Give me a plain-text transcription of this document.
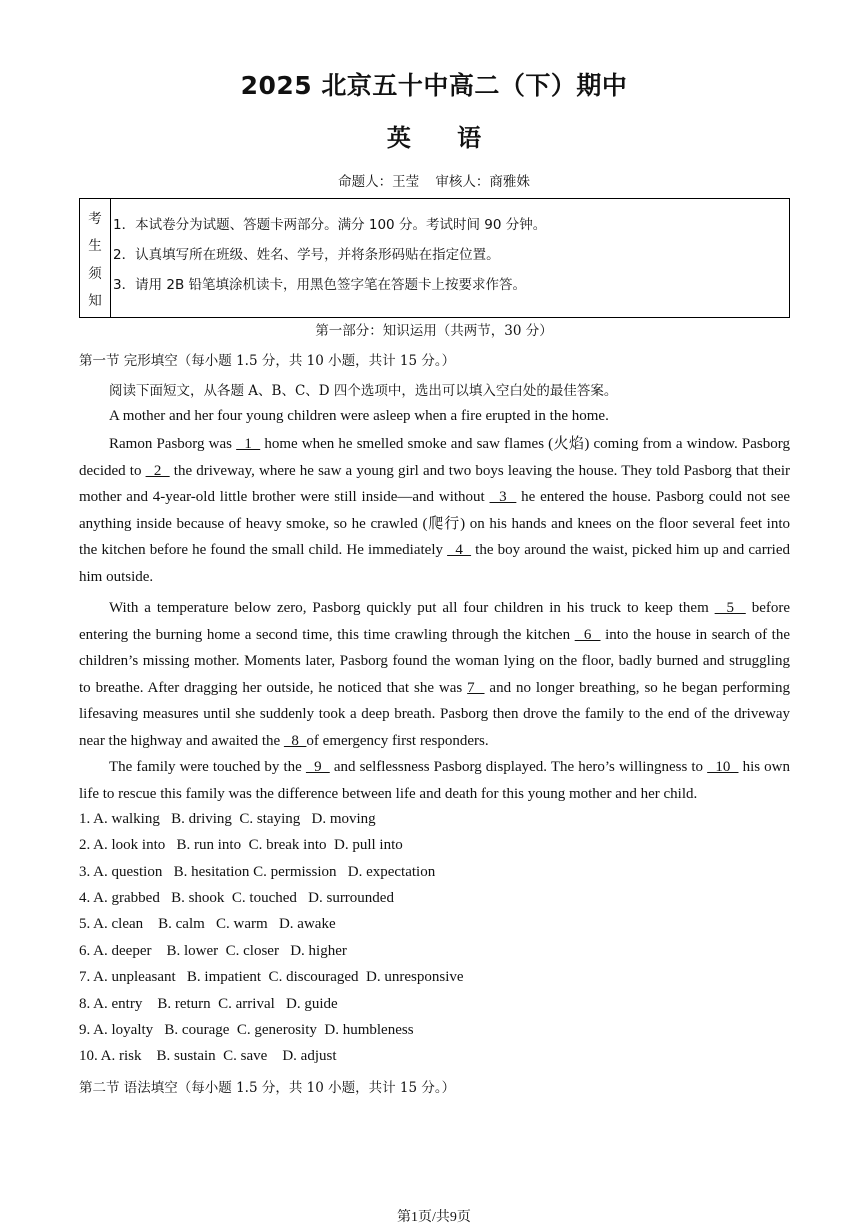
2025 北京五十中高二（下）期中
英 语
命题人：王莹 审核人：商雅姝
考
生
须
知
1．本试卷分为试题、答题卡两部分。满分 100 分。考试时间 90 分钟。
2．认真填写所在班级、姓名、学号，并将条形码贴在指定位置。
3．请用 2B 铅笔填涂机读卡，用黑色签字笔在答题卡上按要求作答。
第一部分：知识运用（共两节，30 分）
第一节 完形填空（每小题 1.5 分，共 10 小题，共计 15 分。）
阅读下面短文，从各题 A、B、C、D 四个选项中，选出可以填入空白处的最佳答案。
A mother and her four young children were asleep when a fire erupted in the home.
Ramon Pasborg was   1   home when he smelled smoke and saw flames (火焰) coming from a window. Pasborg decided to   2   the driveway, where he saw a young girl and two boys leaving the house. They told Pasborg that their mother and 4-year-old little brother were still inside—and without   3   he entered the house. Pasborg could not see anything inside because of heavy smoke, so he crawled (爬行) on his hands and knees on the floor several feet into the kitchen before he found the small child. He immediately   4   the boy around the waist, picked him up and carried him outside.
With a temperature below zero, Pasborg quickly put all four children in his truck to keep them   5   before entering the burning home a second time, this time crawling through the kitchen   6   into the house in search of the children’s missing mother. Moments later, Pasborg found the woman lying on the floor, badly burned and struggling to breathe. After dragging her outside, he noticed that she was 7   and no longer breathing, so he began performing lifesaving measures until she suddenly took a deep breath. Pasborg then drove the family to the end of the driveway near the highway and awaited the   8  of emergency first responders.
The family were touched by the   9   and selflessness Pasborg displayed. The hero’s willingness to   10   his own life to rescue this family was the difference between life and death for this young mother and her child.
1. A. walking   B. driving  C. staying   D. moving
2. A. look into   B. run into  C. break into  D. pull into
3. A. question   B. hesitation C. permission   D. expectation
4. A. grabbed   B. shook  C. touched   D. surrounded
5. A. clean    B. calm   C. warm   D. awake
6. A. deeper    B. lower  C. closer   D. higher
7. A. unpleasant   B. impatient  C. discouraged  D. unresponsive
8. A. entry    B. return  C. arrival   D. guide
9. A. loyalty   B. courage  C. generosity  D. humbleness
10. A. risk    B. sustain  C. save    D. adjust
第二节 语法填空（每小题 1.5 分，共 10 小题，共计 15 分。）
第1页/共9页
